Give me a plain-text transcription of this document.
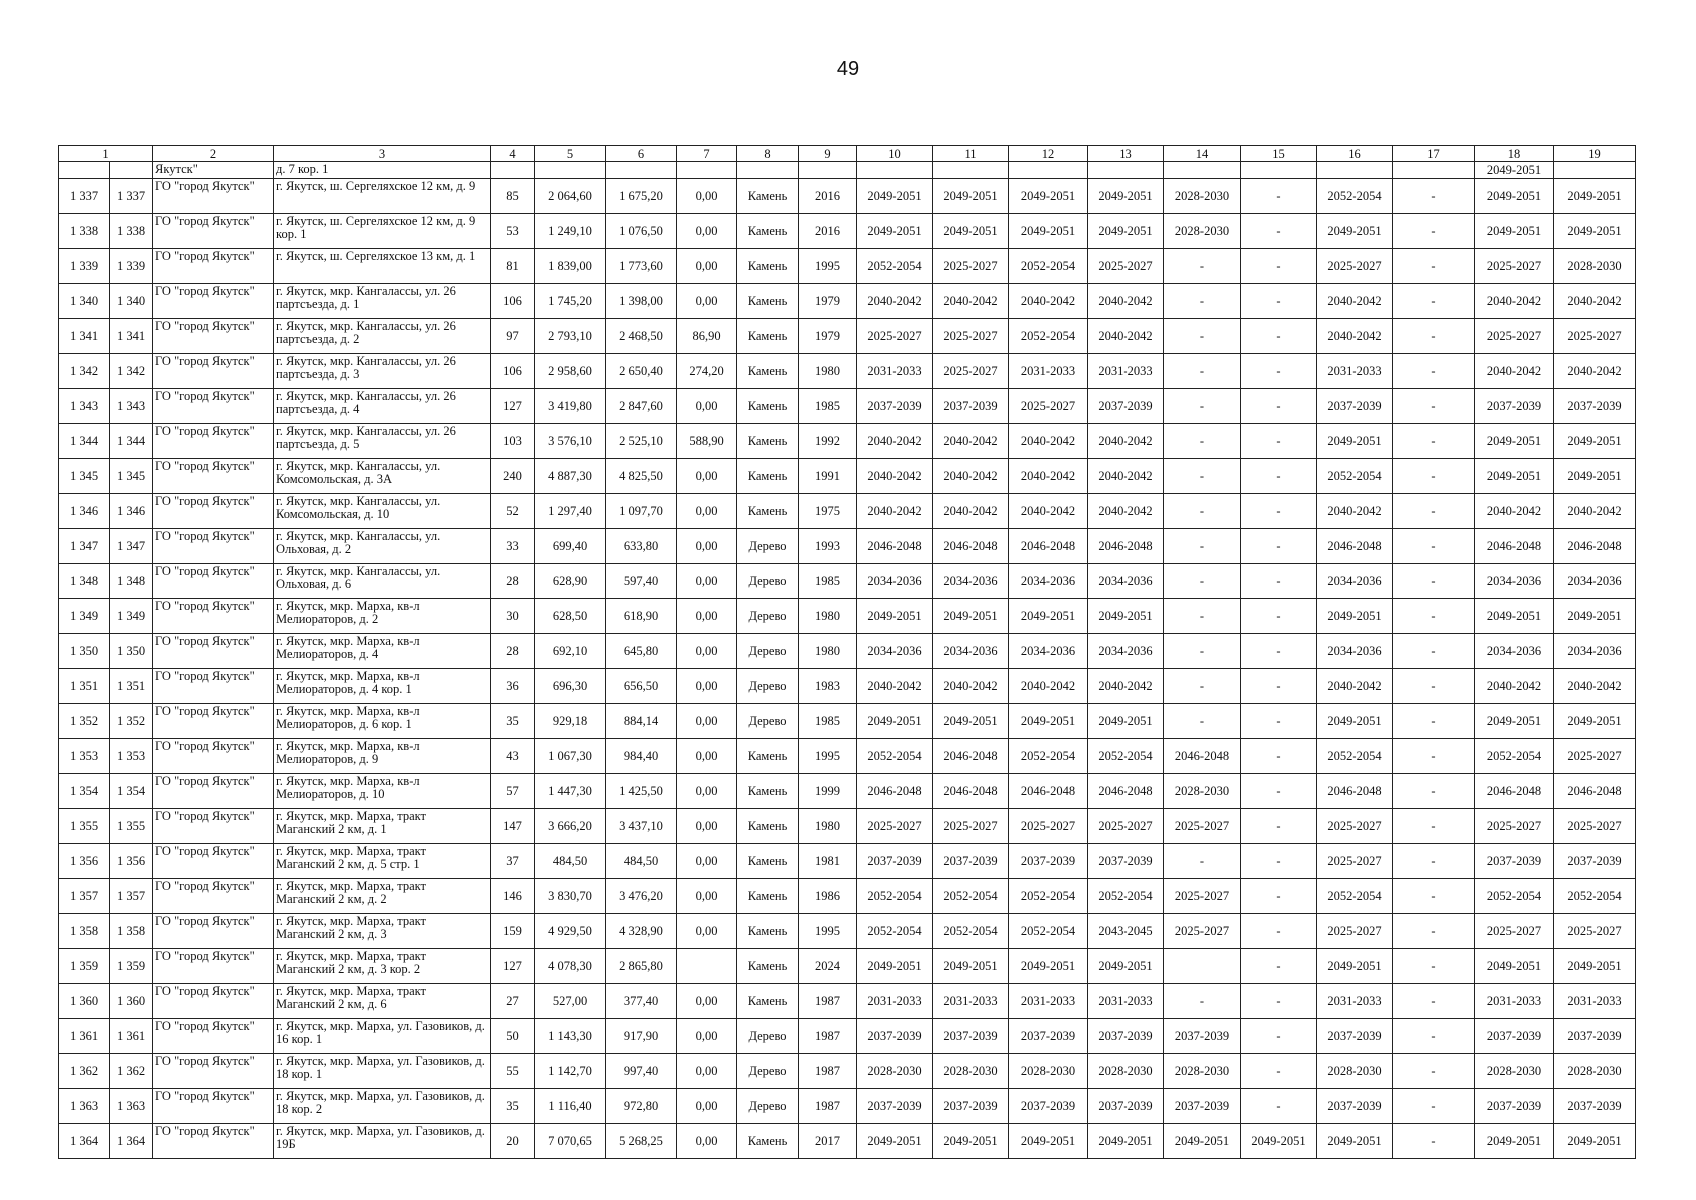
49
1		2	3	4	5	6	7	8	9	10	11	12	13	14	15	16	17	18	19
		Якутск"	д. 7 кор. 1															2049-2051	
1 337	1 337	ГО "город Якутск"	г. Якутск, ш. Сергеляхское 12 км, д. 9	85	2 064,60	1 675,20	0,00	Камень	2016	2049-2051	2049-2051	2049-2051	2049-2051	2028-2030	-	2052-2054	-	2049-2051	2049-2051
1 338	1 338	ГО "город Якутск"	г. Якутск, ш. Сергеляхское 12 км, д. 9 кор. 1	53	1 249,10	1 076,50	0,00	Камень	2016	2049-2051	2049-2051	2049-2051	2049-2051	2028-2030	-	2049-2051	-	2049-2051	2049-2051
1 339	1 339	ГО "город Якутск"	г. Якутск, ш. Сергеляхское 13 км, д. 1	81	1 839,00	1 773,60	0,00	Камень	1995	2052-2054	2025-2027	2052-2054	2025-2027	-	-	2025-2027	-	2025-2027	2028-2030
1 340	1 340	ГО "город Якутск"	г. Якутск, мкр. Кангалассы, ул. 26 партсъезда, д. 1	106	1 745,20	1 398,00	0,00	Камень	1979	2040-2042	2040-2042	2040-2042	2040-2042	-	-	2040-2042	-	2040-2042	2040-2042
1 341	1 341	ГО "город Якутск"	г. Якутск, мкр. Кангалассы, ул. 26 партсъезда, д. 2	97	2 793,10	2 468,50	86,90	Камень	1979	2025-2027	2025-2027	2052-2054	2040-2042	-	-	2040-2042	-	2025-2027	2025-2027
1 342	1 342	ГО "город Якутск"	г. Якутск, мкр. Кангалассы, ул. 26 партсъезда, д. 3	106	2 958,60	2 650,40	274,20	Камень	1980	2031-2033	2025-2027	2031-2033	2031-2033	-	-	2031-2033	-	2040-2042	2040-2042
1 343	1 343	ГО "город Якутск"	г. Якутск, мкр. Кангалассы, ул. 26 партсъезда, д. 4	127	3 419,80	2 847,60	0,00	Камень	1985	2037-2039	2037-2039	2025-2027	2037-2039	-	-	2037-2039	-	2037-2039	2037-2039
1 344	1 344	ГО "город Якутск"	г. Якутск, мкр. Кангалассы, ул. 26 партсъезда, д. 5	103	3 576,10	2 525,10	588,90	Камень	1992	2040-2042	2040-2042	2040-2042	2040-2042	-	-	2049-2051	-	2049-2051	2049-2051
1 345	1 345	ГО "город Якутск"	г. Якутск, мкр. Кангалассы, ул. Комсомольская, д. 3А	240	4 887,30	4 825,50	0,00	Камень	1991	2040-2042	2040-2042	2040-2042	2040-2042	-	-	2052-2054	-	2049-2051	2049-2051
1 346	1 346	ГО "город Якутск"	г. Якутск, мкр. Кангалассы, ул. Комсомольская, д. 10	52	1 297,40	1 097,70	0,00	Камень	1975	2040-2042	2040-2042	2040-2042	2040-2042	-	-	2040-2042	-	2040-2042	2040-2042
1 347	1 347	ГО "город Якутск"	г. Якутск, мкр. Кангалассы, ул. Ольховая, д. 2	33	699,40	633,80	0,00	Дерево	1993	2046-2048	2046-2048	2046-2048	2046-2048	-	-	2046-2048	-	2046-2048	2046-2048
1 348	1 348	ГО "город Якутск"	г. Якутск, мкр. Кангалассы, ул. Ольховая, д. 6	28	628,90	597,40	0,00	Дерево	1985	2034-2036	2034-2036	2034-2036	2034-2036	-	-	2034-2036	-	2034-2036	2034-2036
1 349	1 349	ГО "город Якутск"	г. Якутск, мкр. Марха, кв-л Мелиораторов, д. 2	30	628,50	618,90	0,00	Дерево	1980	2049-2051	2049-2051	2049-2051	2049-2051	-	-	2049-2051	-	2049-2051	2049-2051
1 350	1 350	ГО "город Якутск"	г. Якутск, мкр. Марха, кв-л Мелиораторов, д. 4	28	692,10	645,80	0,00	Дерево	1980	2034-2036	2034-2036	2034-2036	2034-2036	-	-	2034-2036	-	2034-2036	2034-2036
1 351	1 351	ГО "город Якутск"	г. Якутск, мкр. Марха, кв-л Мелиораторов, д. 4 кор. 1	36	696,30	656,50	0,00	Дерево	1983	2040-2042	2040-2042	2040-2042	2040-2042	-	-	2040-2042	-	2040-2042	2040-2042
1 352	1 352	ГО "город Якутск"	г. Якутск, мкр. Марха, кв-л Мелиораторов, д. 6 кор. 1	35	929,18	884,14	0,00	Дерево	1985	2049-2051	2049-2051	2049-2051	2049-2051	-	-	2049-2051	-	2049-2051	2049-2051
1 353	1 353	ГО "город Якутск"	г. Якутск, мкр. Марха, кв-л Мелиораторов, д. 9	43	1 067,30	984,40	0,00	Камень	1995	2052-2054	2046-2048	2052-2054	2052-2054	2046-2048	-	2052-2054	-	2052-2054	2025-2027
1 354	1 354	ГО "город Якутск"	г. Якутск, мкр. Марха, кв-л Мелиораторов, д. 10	57	1 447,30	1 425,50	0,00	Камень	1999	2046-2048	2046-2048	2046-2048	2046-2048	2028-2030	-	2046-2048	-	2046-2048	2046-2048
1 355	1 355	ГО "город Якутск"	г. Якутск, мкр. Марха, тракт Маганский 2 км, д. 1	147	3 666,20	3 437,10	0,00	Камень	1980	2025-2027	2025-2027	2025-2027	2025-2027	2025-2027	-	2025-2027	-	2025-2027	2025-2027
1 356	1 356	ГО "город Якутск"	г. Якутск, мкр. Марха, тракт Маганский 2 км, д. 5 стр. 1	37	484,50	484,50	0,00	Камень	1981	2037-2039	2037-2039	2037-2039	2037-2039	-	-	2025-2027	-	2037-2039	2037-2039
1 357	1 357	ГО "город Якутск"	г. Якутск, мкр. Марха, тракт Маганский 2 км, д. 2	146	3 830,70	3 476,20	0,00	Камень	1986	2052-2054	2052-2054	2052-2054	2052-2054	2025-2027	-	2052-2054	-	2052-2054	2052-2054
1 358	1 358	ГО "город Якутск"	г. Якутск, мкр. Марха, тракт Маганский 2 км, д. 3	159	4 929,50	4 328,90	0,00	Камень	1995	2052-2054	2052-2054	2052-2054	2043-2045	2025-2027	-	2025-2027	-	2025-2027	2025-2027
1 359	1 359	ГО "город Якутск"	г. Якутск, мкр. Марха, тракт Маганский 2 км, д. 3 кор. 2	127	4 078,30	2 865,80		Камень	2024	2049-2051	2049-2051	2049-2051	2049-2051		-	2049-2051	-	2049-2051	2049-2051
1 360	1 360	ГО "город Якутск"	г. Якутск, мкр. Марха, тракт Маганский 2 км, д. 6	27	527,00	377,40	0,00	Камень	1987	2031-2033	2031-2033	2031-2033	2031-2033	-	-	2031-2033	-	2031-2033	2031-2033
1 361	1 361	ГО "город Якутск"	г. Якутск, мкр. Марха, ул. Газовиков, д. 16 кор. 1	50	1 143,30	917,90	0,00	Дерево	1987	2037-2039	2037-2039	2037-2039	2037-2039	2037-2039	-	2037-2039	-	2037-2039	2037-2039
1 362	1 362	ГО "город Якутск"	г. Якутск, мкр. Марха, ул. Газовиков, д. 18 кор. 1	55	1 142,70	997,40	0,00	Дерево	1987	2028-2030	2028-2030	2028-2030	2028-2030	2028-2030	-	2028-2030	-	2028-2030	2028-2030
1 363	1 363	ГО "город Якутск"	г. Якутск, мкр. Марха, ул. Газовиков, д. 18 кор. 2	35	1 116,40	972,80	0,00	Дерево	1987	2037-2039	2037-2039	2037-2039	2037-2039	2037-2039	-	2037-2039	-	2037-2039	2037-2039
1 364	1 364	ГО "город Якутск"	г. Якутск, мкр. Марха, ул. Газовиков, д. 19Б	20	7 070,65	5 268,25	0,00	Камень	2017	2049-2051	2049-2051	2049-2051	2049-2051	2049-2051	2049-2051	2049-2051	-	2049-2051	2049-2051
